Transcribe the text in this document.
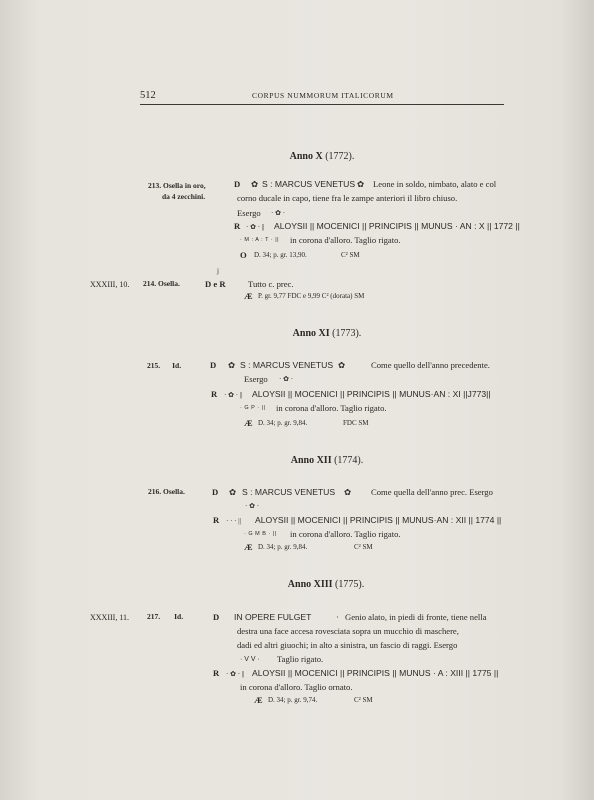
512	CORPUS NUMMORUM ITALICORUM
Anno X (1772).
213. Osella in oro,
da 4 zecchini.
D ✿ S : MARCUS VENETUS ✿ Leone in soldo, nimbato, alato e col
corno ducale in capo, tiene fra le zampe anteriori il libro chiuso.
Esergo · ✿ ·
R · ✿ · || ALOYSII || MOCENICI || PRINCIPIS || MUNUS · AN : X || 1772 ||
· M : A : T · || in corona d'alloro. Taglio rigato.
O D. 34; p. gr. 13,90.	C² SM
j
XXXIII, 10. 214. Osella.	D e R	Tutto c. prec.
Æ P. gr. 9,77 FDC e 9,99 C² (dorata) SM
Anno XI (1773).
215. Id.	D ✿ S : MARCUS VENETUS ✿	Come quello dell'anno precedente.
Esergo · ✿ ·
R · ✿ · || ALOYSII || MOCENICI || PRINCIPIS || MUNUS·AN : XI ||J773||
· G P · || in corona d'alloro. Taglio rigato.
Æ D. 34; p. gr. 9,84.	FDC SM
Anno XII (1774).
216. Osella.	D ✿ S : MARCUS VENETUS ✿ Come quella dell'anno prec. Esergo
· ✿ ·
R · · · || ALOYSII || MOCENICI || PRINCIPIS || MUNUS·AN : XII || 1774 ||
· G M B · || in corona d'alloro. Taglio rigato.
Æ D. 34; p. gr. 9,84.	C² SM
Anno XIII (1775).
XXXIII, 11. 217. Id.	D IN OPERE FULGET	· Genio alato, in piedi di fronte, tiene nella
destra una face accesa rovesciata sopra un mucchio di maschere,
dadi ed altri giuochi; in alto a sinistra, un fascio di raggi. Esergo
· V V · Taglio rigato.
R · ✿ · || ALOYSII || MOCENICI || PRINCIPIS || MUNUS · A : XIII || 1775 ||
in corona d'alloro. Taglio ornato.
Æ D. 34; p. gr. 9,74.	C² SM
